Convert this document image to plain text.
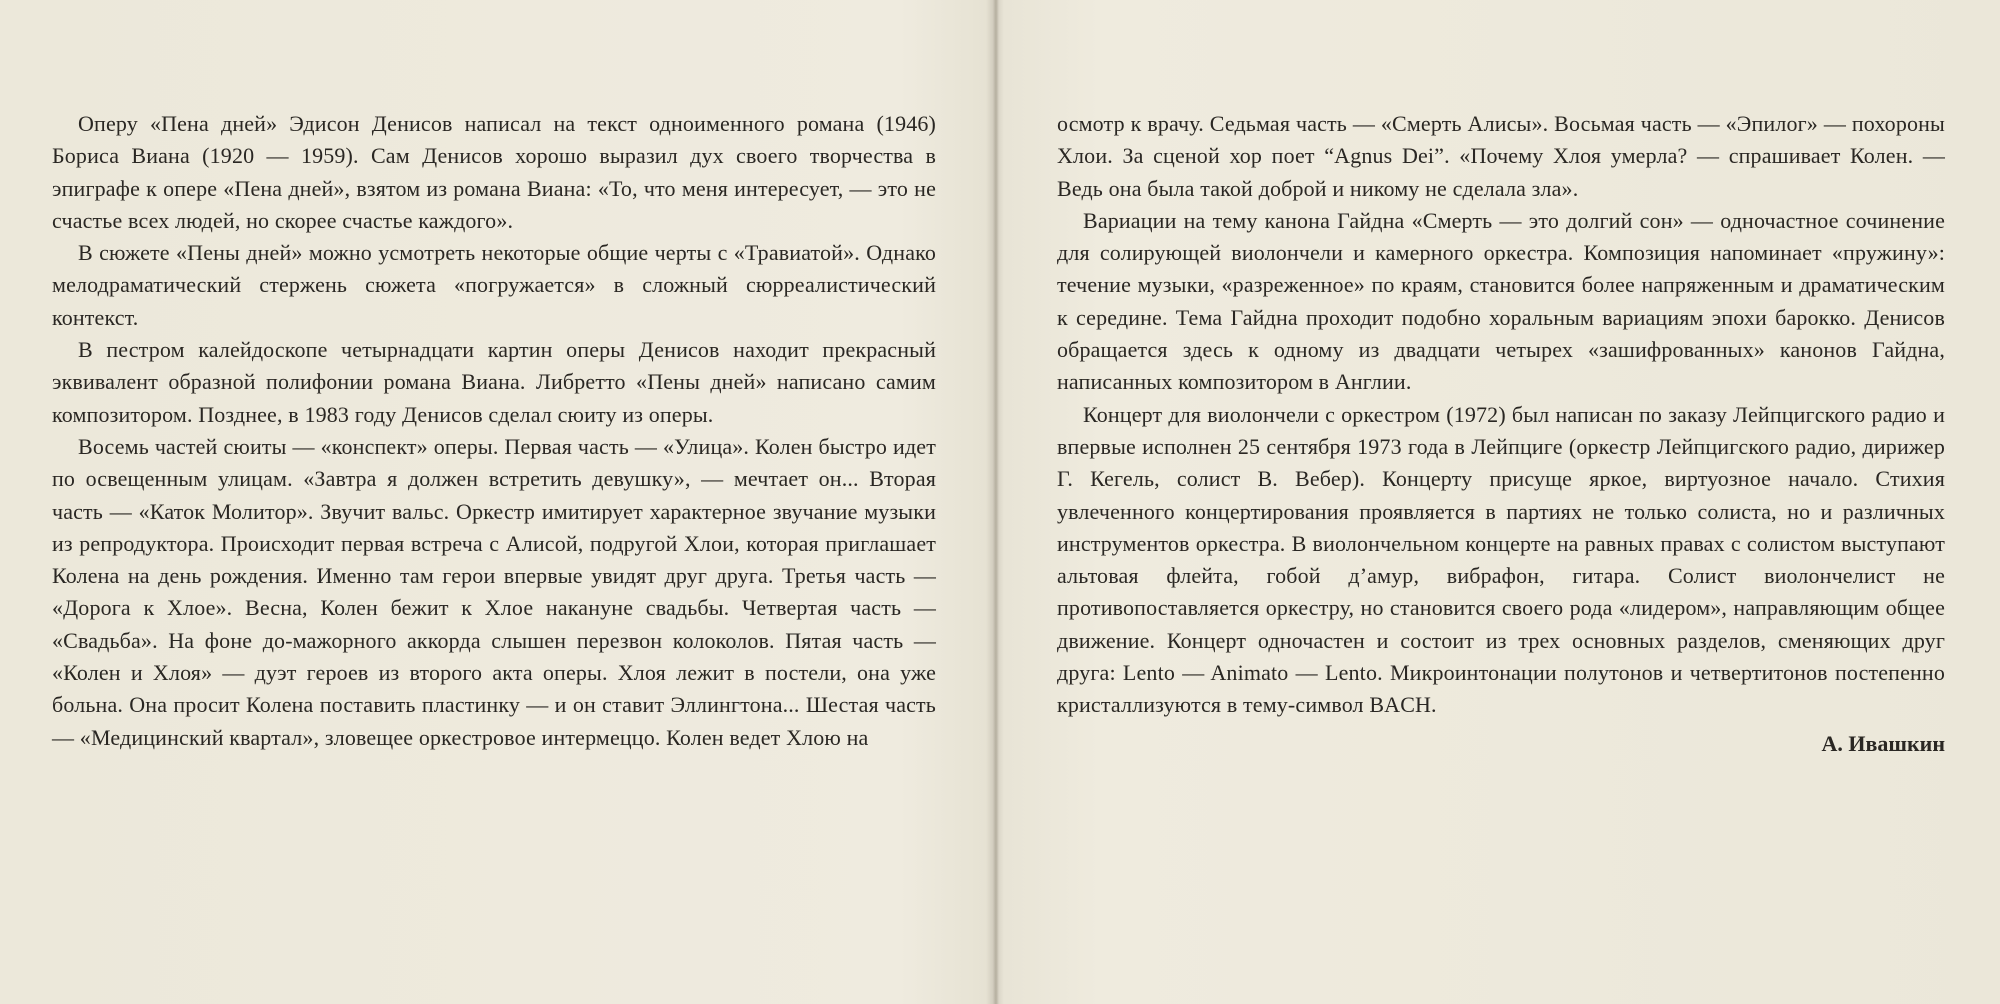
Оперу «Пена дней» Эдисон Денисов написал на текст одноименного романа (1946) Бориса Виана (1920 — 1959). Сам Денисов хорошо выразил дух своего творчества в эпиграфе к опере «Пена дней», взятом из романа Виана: «То, что меня интересует, — это не счастье всех людей, но скорее счастье каждого».

В сюжете «Пены дней» можно усмотреть некоторые общие черты с «Травиатой». Однако мелодраматический стержень сюжета «погружается» в сложный сюрреалистический контекст.

В пестром калейдоскопе четырнадцати картин оперы Денисов находит прекрасный эквивалент образной полифонии романа Виана. Либретто «Пены дней» написано самим композитором. Позднее, в 1983 году Денисов сделал сюиту из оперы.

Восемь частей сюиты — «конспект» оперы. Первая часть — «Улица». Колен быстро идет по освещенным улицам. «Завтра я должен встретить девушку», — мечтает он... Вторая часть — «Каток Молитор». Звучит вальс. Оркестр имитирует характерное звучание музыки из репродуктора. Происходит первая встреча с Алисой, подругой Хлои, которая приглашает Колена на день рождения. Именно там герои впервые увидят друг друга. Третья часть — «Дорога к Хлое». Весна, Колен бежит к Хлое накануне свадьбы. Четвертая часть — «Свадьба». На фоне до-мажорного аккорда слышен перезвон колоколов. Пятая часть — «Колен и Хлоя» — дуэт героев из второго акта оперы. Хлоя лежит в постели, она уже больна. Она просит Колена поставить пластинку — и он ставит Эллингтона... Шестая часть — «Медицинский квартал», зловещее оркестровое интермеццо. Колен ведет Хлою на

осмотр к врачу. Седьмая часть — «Смерть Алисы». Восьмая часть — «Эпилог» — похороны Хлои. За сценой хор поет “Agnus Dei”. «Почему Хлоя умерла? — спрашивает Колен. — Ведь она была такой доброй и никому не сделала зла».

Вариации на тему канона Гайдна «Смерть — это долгий сон» — одночастное сочинение для солирующей виолончели и камерного оркестра. Композиция напоминает «пружину»: течение музыки, «разреженное» по краям, становится более напряженным и драматическим к середине. Тема Гайдна проходит подобно хоральным вариациям эпохи барокко. Денисов обращается здесь к одному из двадцати четырех «зашифрованных» канонов Гайдна, написанных композитором в Англии.

Концерт для виолончели с оркестром (1972) был написан по заказу Лейпцигского радио и впервые исполнен 25 сентября 1973 года в Лейпциге (оркестр Лейпцигского радио, дирижер Г. Кегель, солист В. Вебер). Концерту присуще яркое, виртуозное начало. Стихия увлеченного концертирования проявляется в партиях не только солиста, но и различных инструментов оркестра. В виолончельном концерте на равных правах с солистом выступают альтовая флейта, гобой д’амур, вибрафон, гитара. Солист виолончелист не противопоставляется оркестру, но становится своего рода «лидером», направляющим общее движение. Концерт одночастен и состоит из трех основных разделов, сменяющих друг друга: Lento — Animato — Lento. Микроинтонации полутонов и четвертитонов постепенно кристаллизуются в тему-символ BACH.

А. Ивашкин
